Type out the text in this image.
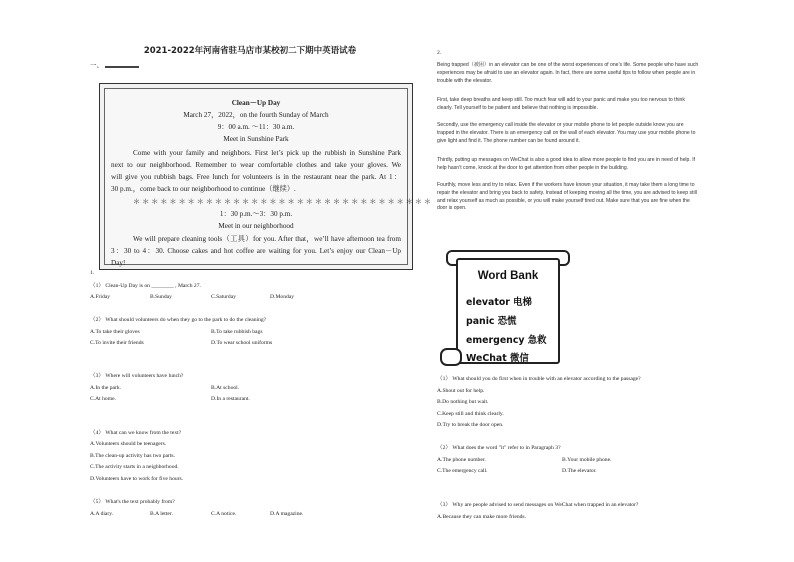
2021-2022年河南省驻马店市某校初二下期中英语试卷
一、
Clean－Up Day
March 27，2022，on the fourth Sunday of March
9：00 a.m. ～11：30 a.m.
Meet in Sunshine Park
Come with your family and neighbors. First let’s pick up the rubbish in Sunshine Park
next to our neighborhood. Remember to wear comfortable clothes and take your gloves. We
will give you rubbish bags. Free lunch for volunteers is in the restaurant near the park. At 1：
30 p.m.，come back to our neighborhood to continue（继续）.
＊＊＊＊＊＊＊＊＊＊＊＊＊＊＊＊＊＊＊＊＊＊＊＊＊＊＊＊＊＊＊＊＊
1：30 p.m.～3：30 p.m.
Meet in our neighborhood
We will prepare cleaning tools（工具）for you. After that，we’ll have afternoon tea from
3：30 to 4：30. Choose cakes and hot coffee are waiting for you. Let’s enjoy our Clean－Up
Day!
1.
（1） Clean-Up Day is on ________ , March 27.
A.Friday	B.Sunday	C.Saturday	D.Monday
（2） What should volunteers do when they go to the park to do the cleaning?
A.To take their gloves	B.To take rubbish bags
C.To invite their friends	D.To wear school uniforms
（3） Where will volunteers have lunch?
A.In the park.	B.At school.
C.At home.	D.In a restaurant.
（4） What can we know from the text?
A.Volunteers should be teenagers.
B.The clean-up activity has two parts.
C.The activity starts in a neighborhood.
D.Volunteers have to work for five hours.
（5） What's the text probably from?
A.A diary.	B.A letter.	C.A notice.	D.A magazine.
2.
Being trapped（被困）in an elevator can be one of the worst experiences of one’s life. Some people who have such
experiences may be afraid to use an elevator again. In fact, there are some useful tips to follow when people are in
trouble with the elevator.
First, take deep breaths and keep still. Too much fear will add to your panic and make you too nervous to think
clearly. Tell yourself to be patient and believe that nothing is impossible.
Secondly, use the emergency call inside the elevator or your mobile phone to let people outside know you are
trapped in the elevator. There is an emergency call on the wall of each elevator. You may use your mobile phone to
give light and find it. The phone number can be found around it.
Thirdly, putting up messages on WeChat is also a good idea to allow more people to find you are in need of help. If
help hasn’t come, knock at the door to get attention from other people in the building.
Fourthly, move less and try to relax. Even if the workers have known your situation, it may take them a long time to
repair the elevator and bring you back to safety. Instead of keeping moving all the time, you are advised to keep still
and relax yourself as much as possible, or you will make yourself tired out. Make sure that you are fine when the
door is open.
Word Bank
elevator 电梯
panic 恐慌
emergency 急救
WeChat 微信
（1） What should you do first when in trouble with an elevator according to the passage?
A.Shout out for help.
B.Do nothing but wait.
C.Keep still and think clearly.
D.Try to break the door open.
（2） What does the word "it" refer to in Paragraph 3?
A.The phone number.	B.Your mobile phone.
C.The emergency call.	D.The elevator.
（3） Why are people advised to send messages on WeChat when trapped in an elevator?
A.Because they can make more friends.
